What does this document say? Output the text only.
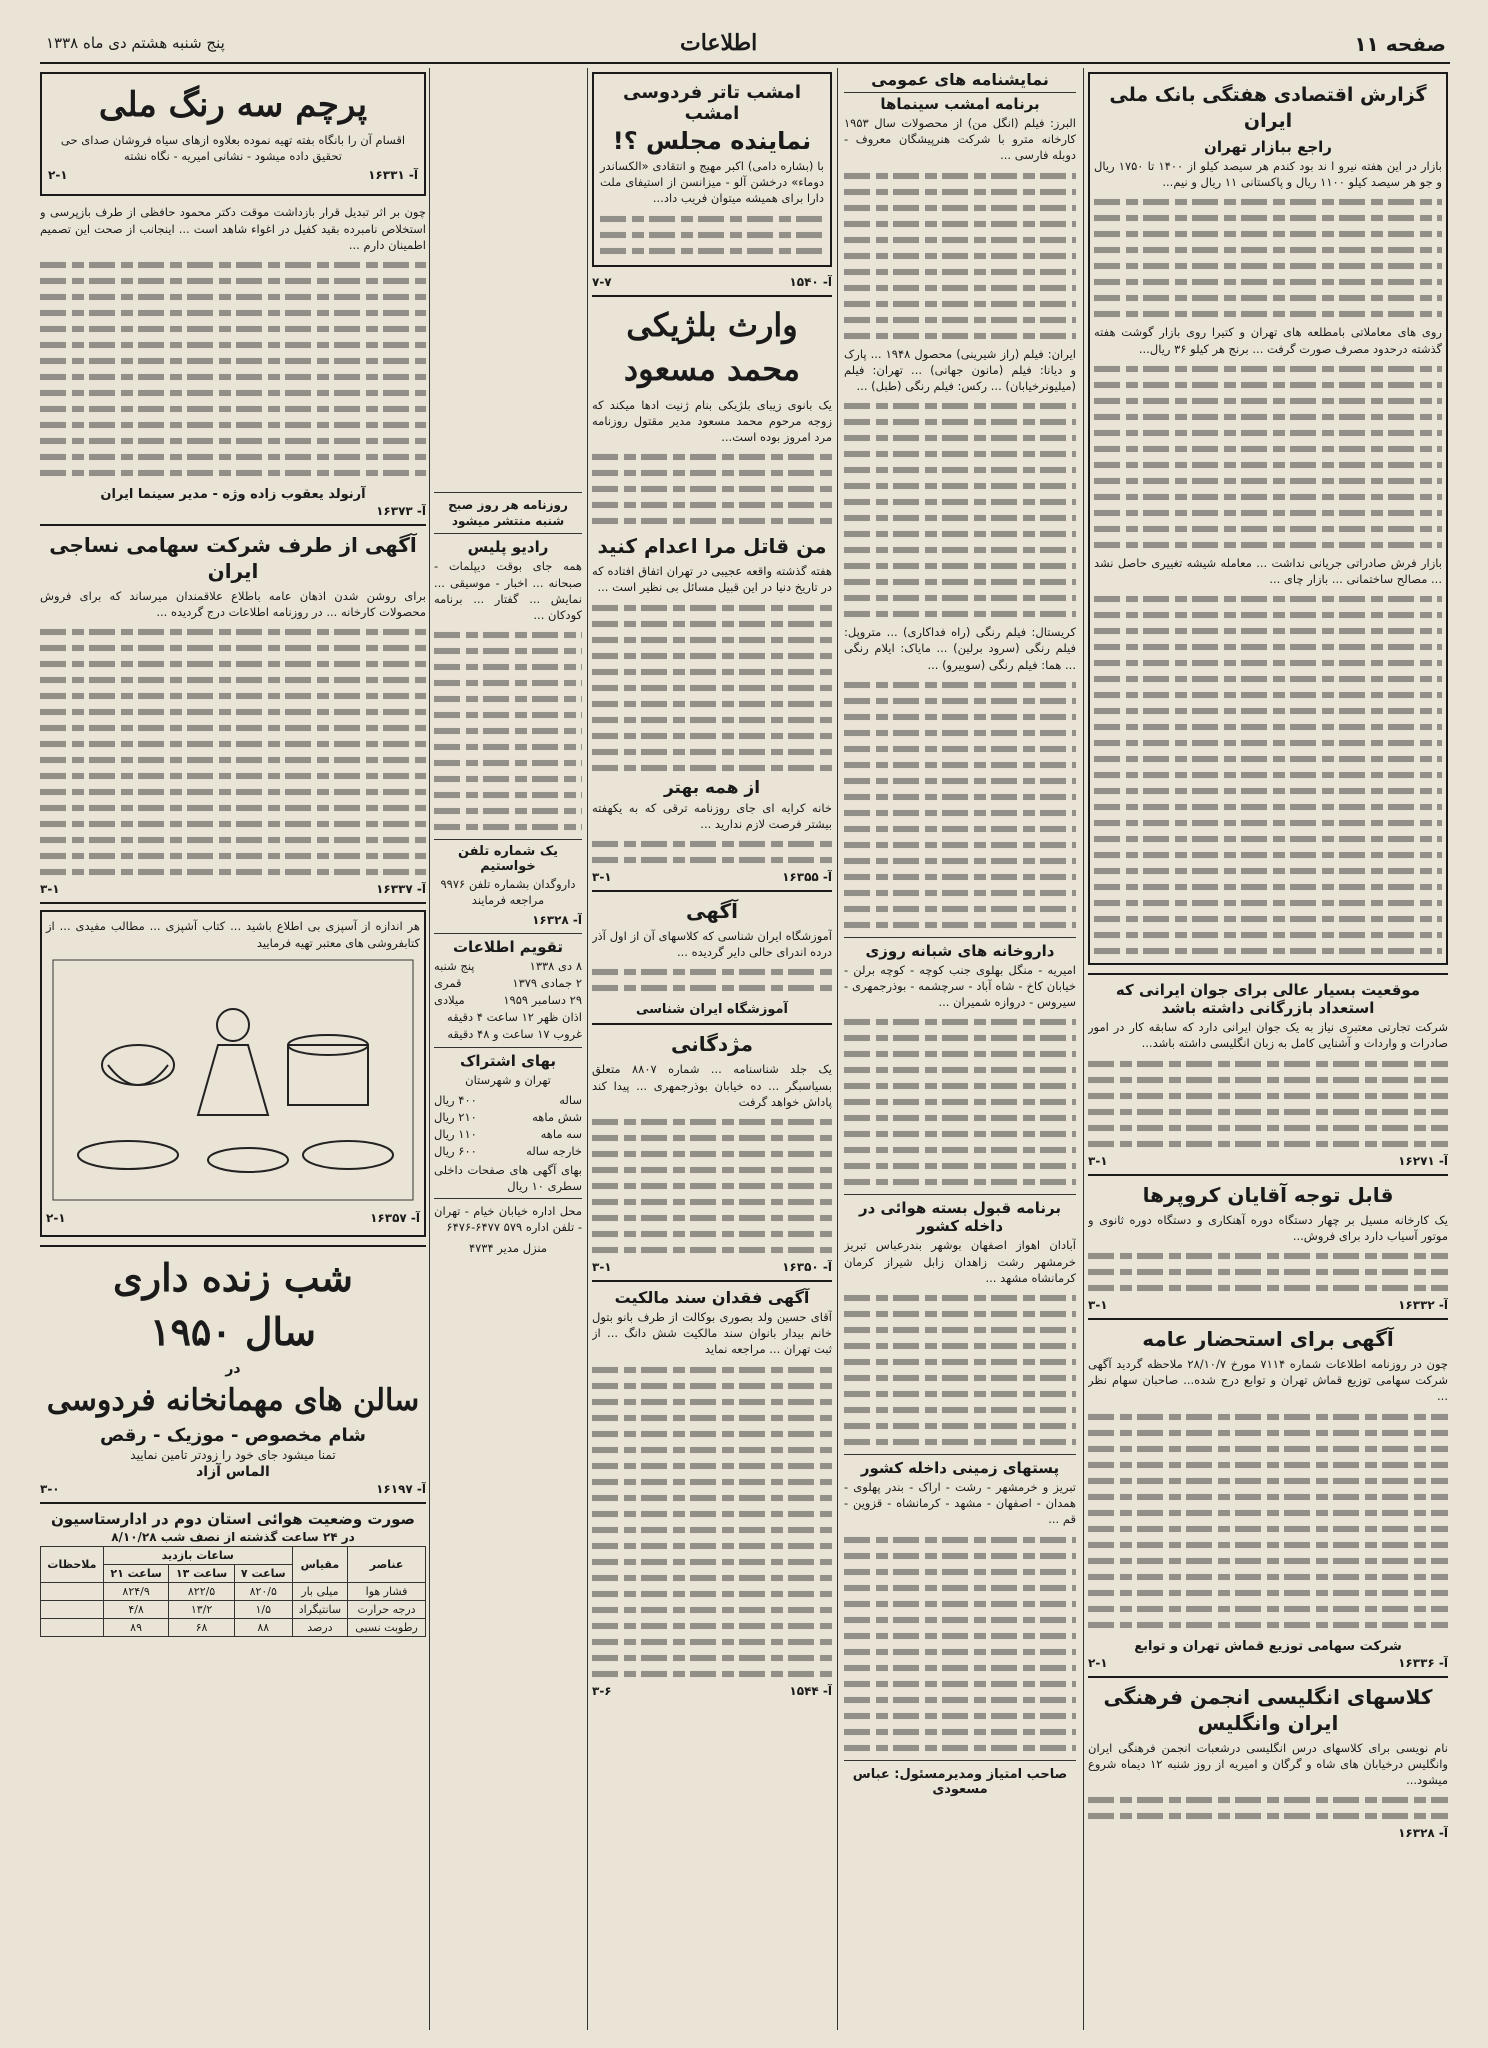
صفحه ۱۱
اطلاعات
پنج شنبه هشتم دی ماه ۱۳۳۸
گزارش اقتصادی هفتگی بانک ملی ایران
راجع ببازار تهران

بازار در این هفته نیرو ا ند بود کندم هر سیصد کیلو از ۱۴۰۰ تا ۱۷۵۰ ریال و جو هر سیصد کیلو ۱۱۰۰ ریال و پاکستانی ۱۱ ریال و نیم...

روی های معاملاتی بامطلعه های تهران و کتیرا روی بازار گوشت هفته گذشته درحدود مصرف صورت گرفت ... برنج هر کیلو ۳۶ ریال...

بازار فرش صادراتی جریانی نداشت ... معامله شیشه تغییری حاصل نشد ... مصالح ساختمانی ... بازار چای ...

موقعیت بسیار عالی برای جوان ایرانی که استعداد بازرگانی داشته باشد

شرکت تجارتی معتبری نیاز به یک جوان ایرانی دارد که سابقه کار در امور صادرات و واردات و آشنایی کامل به زبان انگلیسی داشته باشد...

آ- ۱۶۲۷۱
۳-۱
قابل توجه آقایان کروپرها

یک کارخانه مسیل بر چهار دستگاه دوره آهنکاری و دستگاه دوره ثانوی و موتور آسیاب دارد برای فروش...

آ- ۱۶۳۳۲
۳-۱
آگهی برای استحضار عامه

چون در روزنامه اطلاعات شماره ۷۱۱۴ مورخ ۲۸/۱۰/۷ ملاحظه گردید آگهی شرکت سهامی توزیع قماش تهران و توابع درج شده... صاحبان سهام نظر ...

شرکت سهامی توزیع قماش تهران و توابع
آ- ۱۶۳۳۶
۲-۱
کلاسهای انگلیسی انجمن فرهنگی ایران وانگلیس

نام نویسی برای کلاسهای درس انگلیسی درشعبات انجمن فرهنگی ایران وانگلیس درخیابان های شاه و گرگان و امیریه از روز شنبه ۱۲ دیماه شروع میشود...

آ- ۱۶۳۲۸
نمایشنامه های عمومی
برنامه امشب سینماها

البرز: فیلم (انگل من) از محصولات سال ۱۹۵۳ کارخانه مترو با شرکت هنرپیشگان معروف - دوبله فارسی ...

ایران: فیلم (راز شیرینی) محصول ۱۹۴۸ ... پارک و دیانا: فیلم (مانون جهانی) ... تهران: فیلم (میلیونرخیابان) ... رکس: فیلم رنگی (طبل) ...

کریستال: فیلم رنگی (راه فداکاری) ... متروپل: فیلم رنگی (سرود برلین) ... مایاک: ایلام رنگی ... هما: فیلم رنگی (سوییرو) ...

داروخانه های شبانه روزی

امیریه - منگل بهلوی جنب کوچه - کوچه برلن - خیابان کاخ - شاه آباد - سرچشمه - بوذرجمهری - سیروس - دروازه شمیران ...

برنامه قبول بسته هوائی در داخله کشور

آبادان اهواز اصفهان بوشهر بندرعباس تبریز خرمشهر رشت زاهدان زابل شیراز کرمان کرمانشاه مشهد ...

پستهای زمینی داخله کشور

تبریز و خرمشهر - رشت - اراک - بندر پهلوی - همدان - اصفهان - مشهد - کرمانشاه - قزوین - قم ...

صاحب امتیاز ومدیرمسئول: عباس مسعودی
امشب تاتر فردوسی امشب
نماینده مجلس ؟!

با (بشاره دامی) اکبر مهیج و انتقادی «الکساندر دوماء» درخشن آلو - میزانسن از استیفای ملت دارا برای همیشه میتوان فریب داد...

آ- ۱۵۴۰
۷-۷
وارث بلژیکی محمد مسعود

یک بانوی زیبای بلژیکی بنام ژنیت ادها میکند که زوجه مرحوم محمد مسعود مدیر مقتول روزنامه مرد امروز بوده است...

من قاتل مرا اعدام کنید

هفته گذشته واقعه عجیبی در تهران اتفاق افتاده که در تاریخ دنیا در این قبیل مسائل بی نظیر است ...

از همه بهتر

خانه کرایه ای جای روزنامه ترقی که به یکهفته بیشتر فرصت لازم ندارید ...

آ- ۱۶۳۵۵
۳-۱
آگهی

آموزشگاه ایران شناسی که کلاسهای آن از اول آذر درده اندرای حالی دایر گردیده ...

آموزشگاه ایران شناسی
مژدگانی

یک جلد شناسنامه ... شماره ۸۸۰۷ متعلق بسیاسبگر ... ده خیابان بوذرجمهری ... پیدا کند پاداش خواهد گرفت

آ- ۱۶۳۵۰
۳-۱
آگهی فقدان سند مالکیت

آقای حسین ولد بصوری بوکالت از طرف بانو بتول خانم بیدار بانوان سند مالکیت شش دانگ ... از ثبت تهران ... مراجعه نماید

آ- ۱۵۴۴
۳-۶

روزنامه هر روز صبح شنبه منتشر میشود

رادیو پلیس

همه جای بوقت دیپلمات - صبحانه ... اخبار - موسیقی ... نمایش ... گفتار ... برنامه کودکان ...

یک شماره تلفن خواستیم

داروگدان بشماره تلفن ۹۹۷۶ مراجعه فرمایند

آ- ۱۶۳۲۸
تقویم اطلاعات
۸ دی ۱۳۳۸
پنج شنبه
۲ جمادی ۱۳۷۹
قمری
۲۹ دسامبر ۱۹۵۹
میلادی
اذان ظهر ۱۲ ساعت ۴ دقیقه
غروب ۱۷ ساعت و ۴۸ دقیقه
بهای اشتراک

تهران و شهرستان

ساله
۴۰۰ ریال
شش ماهه
۲۱۰ ریال
سه ماهه
۱۱۰ ریال
خارجه ساله
۶۰۰ ریال

بهای آگهی های صفحات داخلی سطری ۱۰ ریال

محل اداره خیابان خیام - تهران - تلفن اداره ۵۷۹ ۶۴۷۷-۶۴۷۶

منزل مدیر ۴۷۳۴

پرچم سه رنگ ملی

اقسام آن را بانگاه بفته تهیه نموده بعلاوه ازهای سیاه فروشان صدای حی تحقیق داده میشود - نشانی امیریه - نگاه نشته

آ- ۱۶۳۳۱
۲-۱

چون بر اثر تبدیل قرار بازداشت موقت دکتر محمود حافظی از طرف بازپرسی و استخلاص نامبرده بقید کفیل در اغواء شاهد است ... اینجانب از صحت این تصمیم اطمینان دارم ...

آرنولد یعقوب زاده وژه - مدیر سینما ایران
آ- ۱۶۳۷۳
آگهی از طرف شرکت سهامی نساجی ایران

برای روشن شدن اذهان عامه باطلاع علاقمندان میرساند که برای فروش محصولات کارخانه ... در روزنامه اطلاعات درج گردیده ...

آ- ۱۶۳۳۷
۳-۱

هر اندازه از آسپزی بی اطلاع باشید ... کتاب آشپزی ... مطالب مفیدی ... از کتابفروشی های معتبر تهیه فرمایید

آ- ۱۶۳۵۷
۲-۱
شب زنده داری
سال ۱۹۵۰
در
سالن های مهمانخانه فردوسی
شام مخصوص - موزیک - رقص
تمنا میشود جای خود را زودتر تامین نمایید
الماس آزاد
آ- ۱۶۱۹۷
۳-۰
صورت وضعیت هوائی استان دوم در ادارستاسیون
در ۲۴ ساعت گذشته از نصف شب ۸/۱۰/۲۸
عناصر	مقیاس	ساعات بازدید			ملاحظات
		ساعت ۷	ساعت ۱۳	ساعت ۲۱	
فشار هوا	میلی بار	۸۲۰/۵	۸۲۲/۵	۸۲۴/۹	
درجه حرارت	سانتیگراد	۱/۵	۱۳/۲	۴/۸	
رطوبت نسبی	درصد	۸۸	۶۸	۸۹	
